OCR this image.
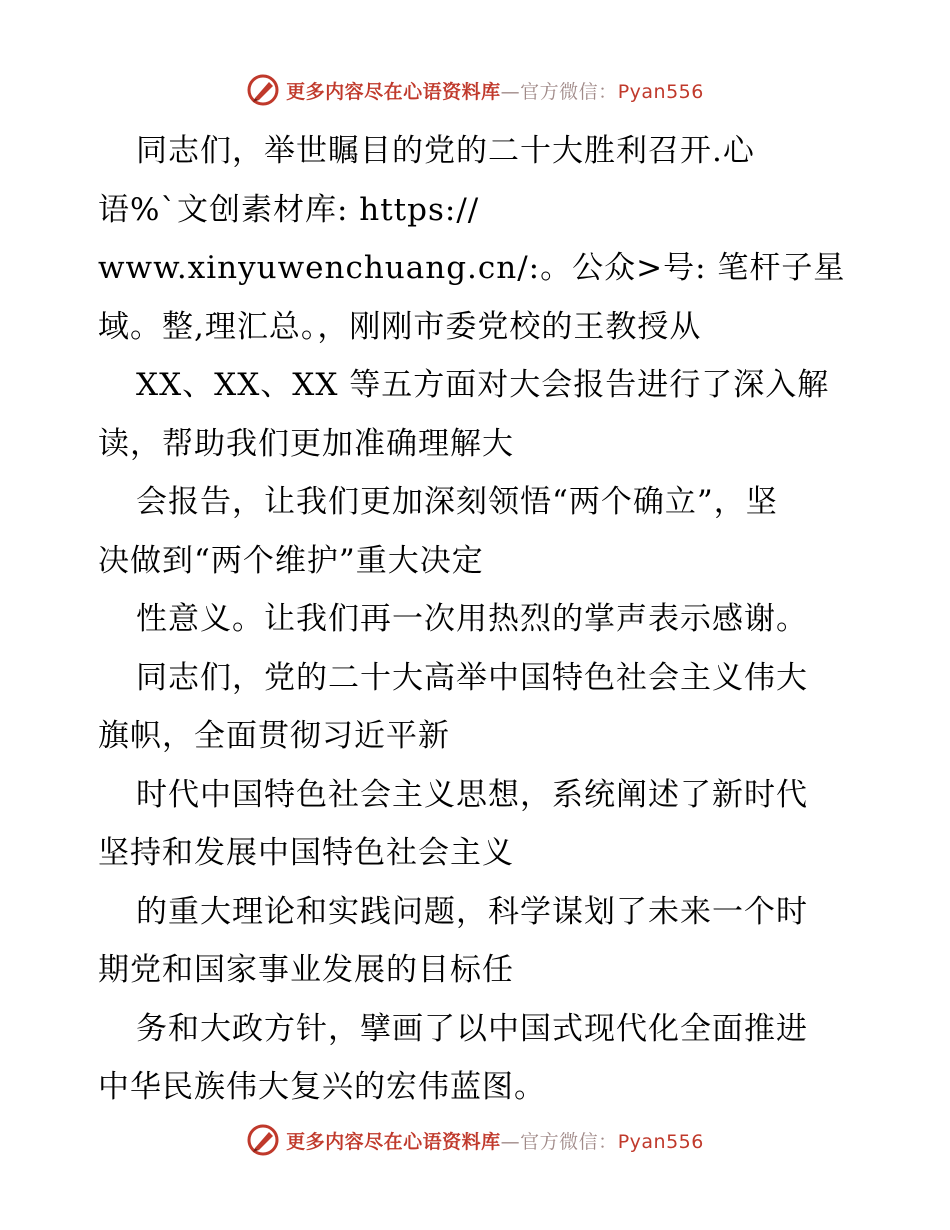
更多内容尽在心语资料库—官方微信：Pyan556
同志们，举世瞩目的党的二十大胜利召开.心
语%`文创素材库: https://
www.xinyuwenchuang.cn/:。公众>号: 笔杆子星
域。整,理汇总。，刚刚市委党校的王教授从
XX、XX、XX 等五方面对大会报告进行了深入解
读，帮助我们更加准确理解大
会报告，让我们更加深刻领悟“两个确立”，坚
决做到“两个维护”重大决定
性意义。让我们再一次用热烈的掌声表示感谢。
同志们，党的二十大高举中国特色社会主义伟大
旗帜，全面贯彻习近平新
时代中国特色社会主义思想，系统阐述了新时代
坚持和发展中国特色社会主义
的重大理论和实践问题，科学谋划了未来一个时
期党和国家事业发展的目标任
务和大政方针，擘画了以中国式现代化全面推进
中华民族伟大复兴的宏伟蓝图。
更多内容尽在心语资料库—官方微信：Pyan556
